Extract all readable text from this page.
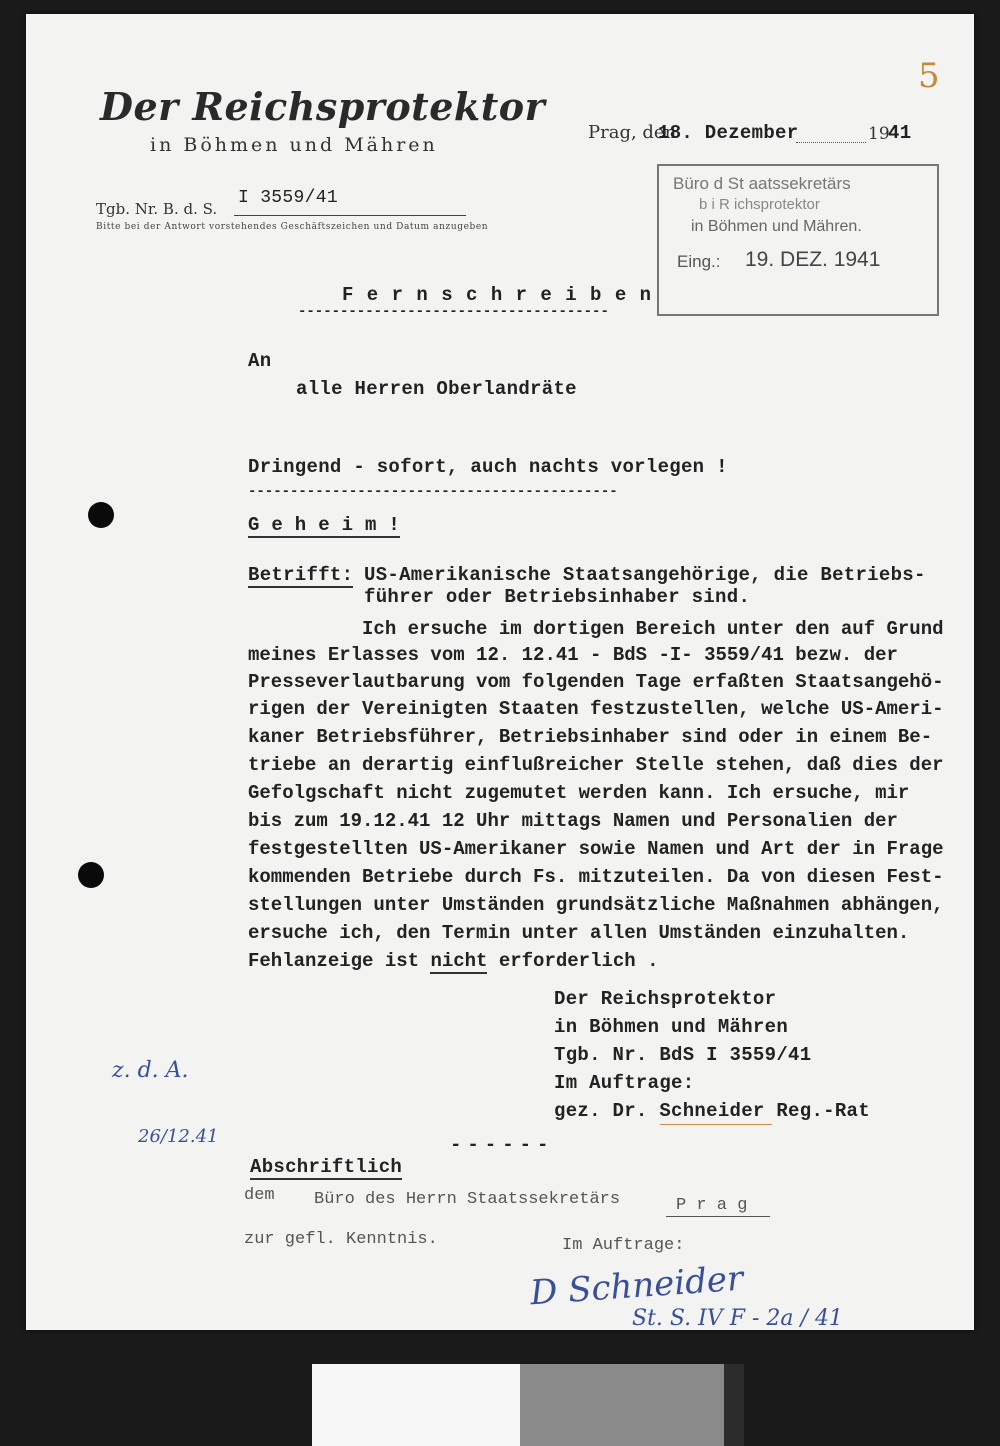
5
Der Reichsprotektor
in Böhmen und Mähren
Prag, den
18. Dezember	19
41
Tgb. Nr. B. d. S.
I 3559/41
Bitte bei der Antwort vorstehendes Geschäftszeichen und Datum anzugeben
Büro d St aatssekretärs
b i R ichsprotektor
in Böhmen und Mähren.
Eing.: 19. DEZ. 1941
F e r n s c h r e i b e n
-------------------------------------
An
alle Herren Oberlandräte
Dringend - sofort, auch nachts vorlegen !
--------------------------------------------
G e h e i m !
Betrifft: US-Amerikanische Staatsangehörige, die Betriebs-
führer oder Betriebsinhaber sind.
Ich ersuche im dortigen Bereich unter den auf Grund
meines Erlasses vom 12. 12.41 - BdS -I- 3559/41 bezw. der
Presseverlautbarung vom folgenden Tage erfaßten Staatsangehö-
rigen der Vereinigten Staaten festzustellen, welche US-Ameri-
kaner Betriebsführer, Betriebsinhaber sind oder in einem Be-
triebe an derartig einflußreicher Stelle stehen, daß dies der
Gefolgschaft nicht zugemutet werden kann. Ich ersuche, mir
bis zum 19.12.41 12 Uhr mittags Namen und Personalien der
festgestellten US-Amerikaner sowie Namen und Art der in Frage
kommenden Betriebe durch Fs. mitzuteilen. Da von diesen Fest-
stellungen unter Umständen grundsätzliche Maßnahmen abhängen,
ersuche ich, den Termin unter allen Umständen einzuhalten.
Fehlanzeige ist nicht erforderlich .
Der Reichsprotektor
in Böhmen und Mähren
Tgb. Nr. BdS I 3559/41
Im Auftrage:
gez. Dr. Schneider Reg.-Rat
------
Abschriftlich
dem Büro des Herrn Staatssekretärs	P r a g
zur gefl. Kenntnis.	Im Auftrage:
z. d. A.
26/12.41
D Schneider
St. S. IV F - 2a / 41
